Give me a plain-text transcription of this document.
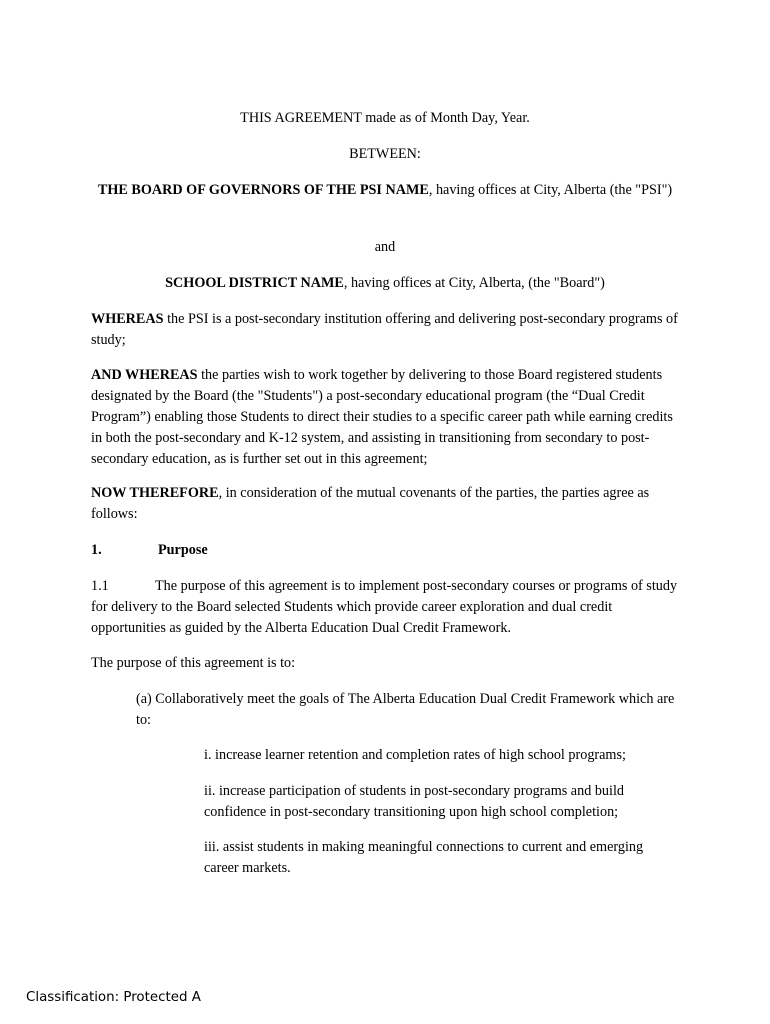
THIS AGREEMENT made as of Month Day, Year.

BETWEEN:

THE BOARD OF GOVERNORS OF THE PSI NAME, having offices at City, Alberta (the "PSI")

and

SCHOOL DISTRICT NAME, having offices at City, Alberta, (the "Board")

WHEREAS the PSI is a post-secondary institution offering and delivering post-secondary programs of study;

AND WHEREAS the parties wish to work together by delivering to those Board registered students designated by the Board (the "Students") a post-secondary educational program (the “Dual Credit Program”) enabling those Students to direct their studies to a specific career path while earning credits in both the post-secondary and K-12 system, and assisting in transitioning from secondary to post-secondary education, as is further set out in this agreement;

NOW THEREFORE, in consideration of the mutual covenants of the parties, the parties agree as follows:

1.	Purpose

1.1	The purpose of this agreement is to implement post-secondary courses or programs of study for delivery to the Board selected Students which provide career exploration and dual credit opportunities as guided by the Alberta Education Dual Credit Framework.

The purpose of this agreement is to:

(a) Collaboratively meet the goals of The Alberta Education Dual Credit Framework which are to:

i. increase learner retention and completion rates of high school programs;

ii. increase participation of students in post-secondary programs and build confidence in post-secondary transitioning upon high school completion;

iii. assist students in making meaningful connections to current and emerging career markets.

Classification: Protected A
